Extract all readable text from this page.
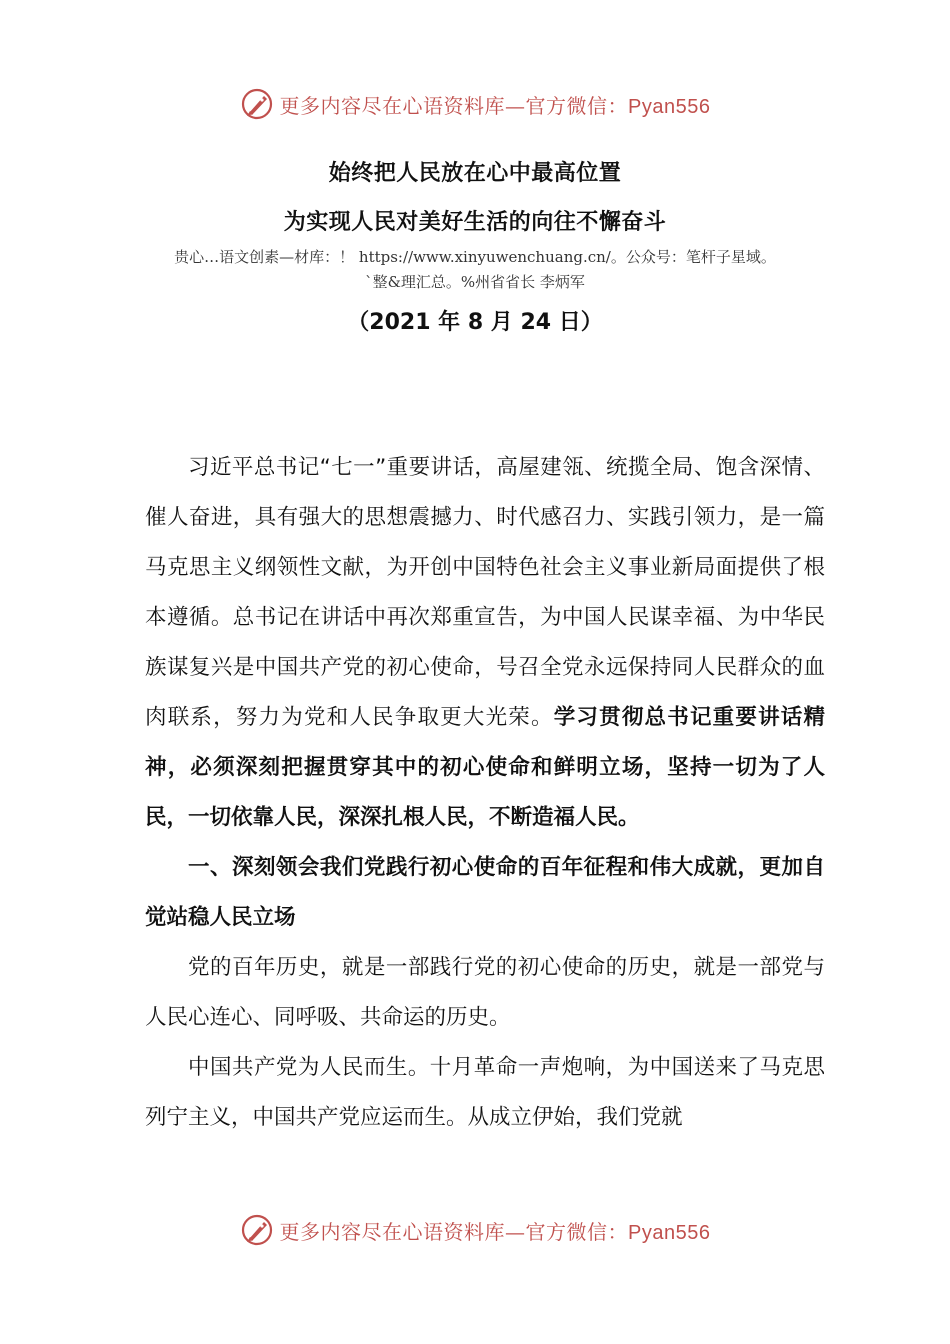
更多内容尽在心语资料库—官方微信：Pyan556
始终把人民放在心中最高位置
为实现人民对美好生活的向往不懈奋斗
贵心…语文创素—材库：！ https://www.xinyuwenchuang.cn/。公众号：笔杆子星域。
`整&理汇总。%州省省长 李炳军
（2021 年 8 月 24 日）

习近平总书记“七一”重要讲话，高屋建瓴、统揽全局、饱含深情、催人奋进，具有强大的思想震撼力、时代感召力、实践引领力，是一篇马克思主义纲领性文献，为开创中国特色社会主义事业新局面提供了根本遵循。总书记在讲话中再次郑重宣告，为中国人民谋幸福、为中华民族谋复兴是中国共产党的初心使命，号召全党永远保持同人民群众的血肉联系，努力为党和人民争取更大光荣。学习贯彻总书记重要讲话精神，必须深刻把握贯穿其中的初心使命和鲜明立场，坚持一切为了人民，一切依靠人民，深深扎根人民，不断造福人民。

一、深刻领会我们党践行初心使命的百年征程和伟大成就，更加自觉站稳人民立场

党的百年历史，就是一部践行党的初心使命的历史，就是一部党与人民心连心、同呼吸、共命运的历史。

中国共产党为人民而生。十月革命一声炮响，为中国送来了马克思列宁主义，中国共产党应运而生。从成立伊始，我们党就

更多内容尽在心语资料库—官方微信：Pyan556
